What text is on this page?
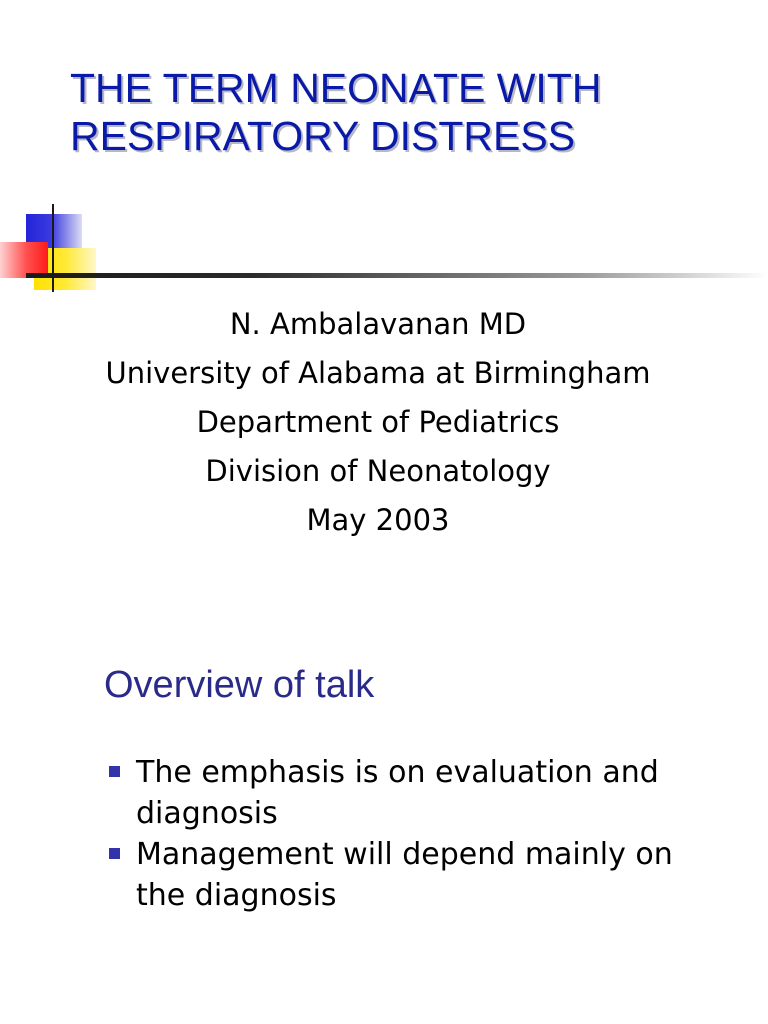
THE TERM NEONATE WITH
RESPIRATORY DISTRESS
N. Ambalavanan MD
University of Alabama at Birmingham
Department of Pediatrics
Division of Neonatology
May 2003
Overview of talk
The emphasis is on evaluation and diagnosis
Management will depend mainly on the diagnosis
